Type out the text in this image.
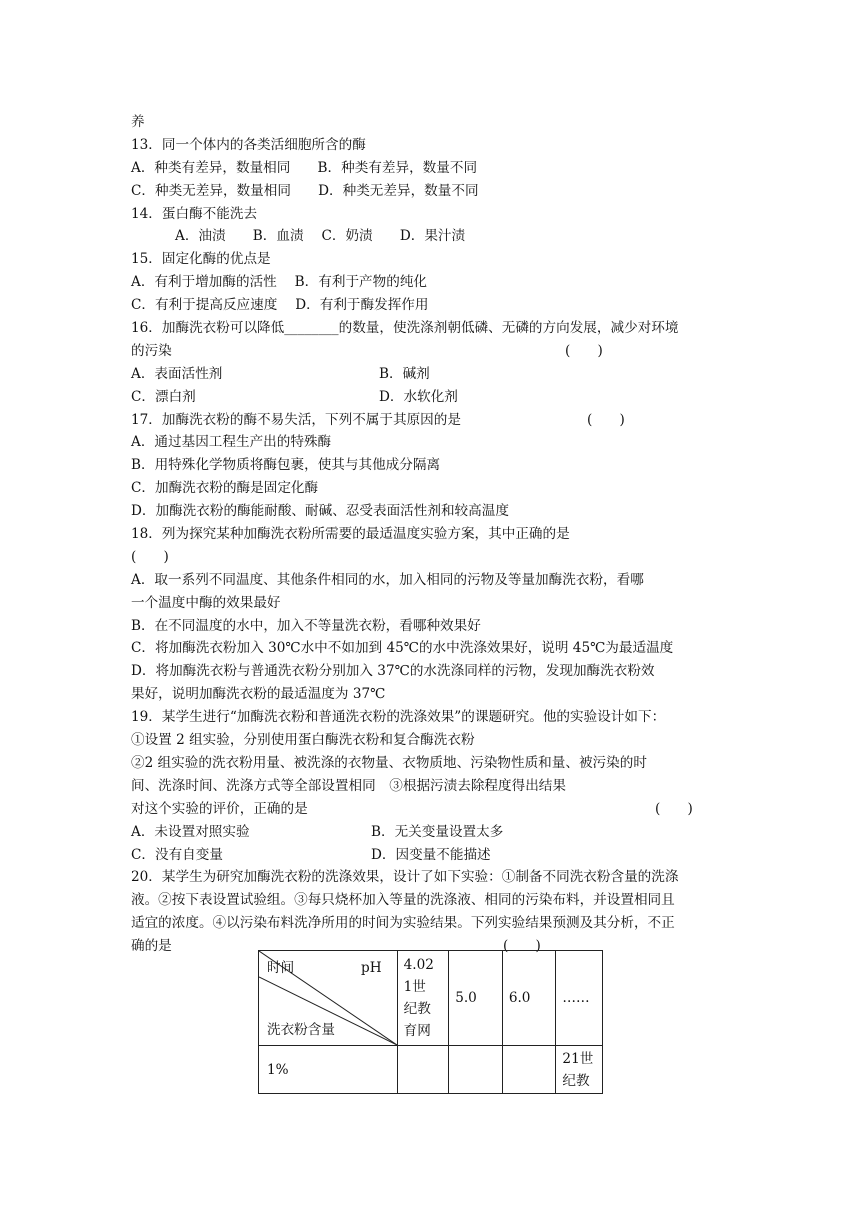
养
13．同一个体内的各类活细胞所含的酶
A．种类有差异，数量相同　　B．种类有差异，数量不同
C．种类无差异，数量相同　　D．种类无差异，数量不同
14．蛋白酶不能洗去
A．油渍　　B．血渍　 C．奶渍　　D．果汁渍
15．固定化酶的优点是
A．有利于增加酶的活性　 B．有利于产物的纯化
C．有利于提高反应速度　 D．有利于酶发挥作用
16．加酶洗衣粉可以降低________的数量，使洗涤剂朝低磷、无磷的方向发展，减少对环境
的污染	(　　)
A．表面活性剂	B．碱剂
C．漂白剂	D．水软化剂
17．加酶洗衣粉的酶不易失活，下列不属于其原因的是	(　　)
A．通过基因工程生产出的特殊酶
B．用特殊化学物质将酶包裹，使其与其他成分隔离
C．加酶洗衣粉的酶是固定化酶
D．加酶洗衣粉的酶能耐酸、耐碱、忍受表面活性剂和较高温度
18．列为探究某种加酶洗衣粉所需要的最适温度实验方案，其中正确的是
(　　)
A．取一系列不同温度、其他条件相同的水，加入相同的污物及等量加酶洗衣粉，看哪
一个温度中酶的效果最好
B．在不同温度的水中，加入不等量洗衣粉，看哪种效果好
C．将加酶洗衣粉加入 30℃水中不如加到 45℃的水中洗涤效果好，说明 45℃为最适温度
D．将加酶洗衣粉与普通洗衣粉分别加入 37℃的水洗涤同样的污物，发现加酶洗衣粉效
果好，说明加酶洗衣粉的最适温度为 37℃
19．某学生进行“加酶洗衣粉和普通洗衣粉的洗涤效果”的课题研究。他的实验设计如下：
①设置 2 组实验，分别使用蛋白酶洗衣粉和复合酶洗衣粉
②2 组实验的洗衣粉用量、被洗涤的衣物量、衣物质地、污染物性质和量、被污染的时
间、洗涤时间、洗涤方式等全部设置相同　③根据污渍去除程度得出结果
对这个实验的评价，正确的是	(　　)
A．未设置对照实验	B．无关变量设置太多
C．没有自变量	D．因变量不能描述
20．某学生为研究加酶洗衣粉的洗涤效果，设计了如下实验：①制备不同洗衣粉含量的洗涤
液。②按下表设置试验组。③每只烧杯加入等量的洗涤液、相同的污染布料，并设置相同且
适宜的浓度。④以污染布料洗净所用的时间为实验结果。下列实验结果预测及其分析，不正
确的是	(　　)
时间 pH
洗衣粉含量	4.02
1世
纪教
育网	5.0	6.0	……
1%				21世
纪教
